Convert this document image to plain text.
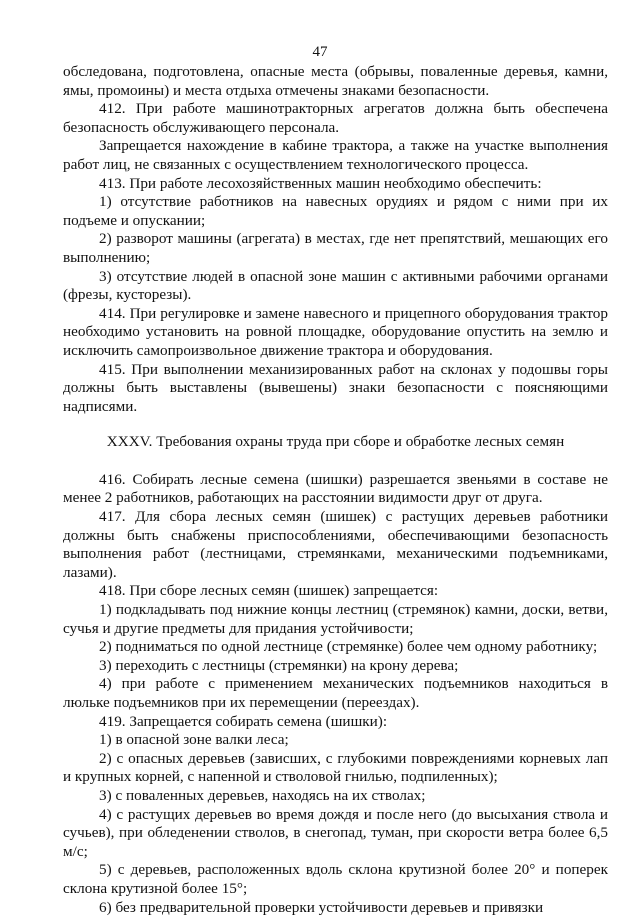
47

обследована, подготовлена, опасные места (обрывы, поваленные деревья, камни, ямы, промоины) и места отдыха отмечены знаками безопасности.

412. При работе машинотракторных агрегатов должна быть обеспечена безопасность обслуживающего персонала.

Запрещается нахождение в кабине трактора, а также на участке выполнения работ лиц, не связанных с осуществлением технологического процесса.

413. При работе лесохозяйственных машин необходимо обеспечить:

1) отсутствие работников на навесных орудиях и рядом с ними при их подъеме и опускании;

2) разворот машины (агрегата) в местах, где нет препятствий, мешающих его выполнению;

3) отсутствие людей в опасной зоне машин с активными рабочими органами (фрезы, кусторезы).

414. При регулировке и замене навесного и прицепного оборудования трактор необходимо установить на ровной площадке, оборудование опустить на землю и исключить самопроизвольное движение трактора и оборудования.

415. При выполнении механизированных работ на склонах у подошвы горы должны быть выставлены (вывешены) знаки безопасности с поясняющими надписями.

XXXV. Требования охраны труда при сборе и обработке лесных семян

416. Собирать лесные семена (шишки) разрешается звеньями в составе не менее 2 работников, работающих на расстоянии видимости друг от друга.

417. Для сбора лесных семян (шишек) с растущих деревьев работники должны быть снабжены приспособлениями, обеспечивающими безопасность выполнения работ (лестницами, стремянками, механическими подъемниками, лазами).

418. При сборе лесных семян (шишек) запрещается:

1) подкладывать под нижние концы лестниц (стремянок) камни, доски, ветви, сучья и другие предметы для придания устойчивости;

2) подниматься по одной лестнице (стремянке) более чем одному работнику;

3) переходить с лестницы (стремянки) на крону дерева;

4) при работе с применением механических подъемников находиться в люльке подъемников при их перемещении (переездах).

419. Запрещается собирать семена (шишки):

1) в опасной зоне валки леса;

2) с опасных деревьев (зависших, с глубокими повреждениями корневых лап и крупных корней, с напенной и стволовой гнилью, подпиленных);

3) с поваленных деревьев, находясь на их стволах;

4) с растущих деревьев во время дождя и после него (до высыхания ствола и сучьев), при обледенении стволов, в снегопад, туман, при скорости ветра более 6,5 м/с;

5) с деревьев, расположенных вдоль склона крутизной более 20° и поперек склона крутизной более 15°;

6) без предварительной проверки устойчивости деревьев и привязки
